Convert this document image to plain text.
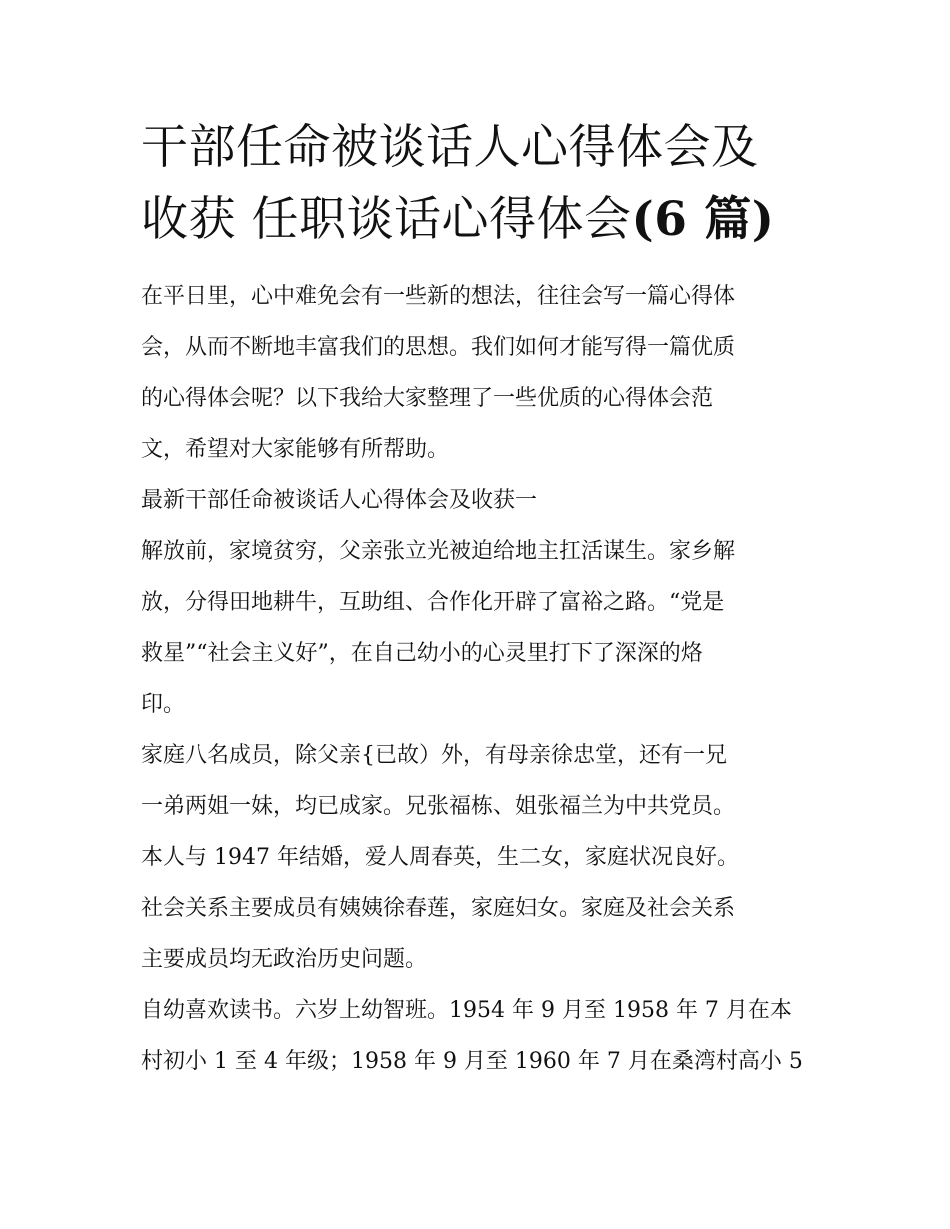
干部任命被谈话人心得体会及
收获 任职谈话心得体会(6 篇)

在平日里，心中难免会有一些新的想法，往往会写一篇心得体
会，从而不断地丰富我们的思想。我们如何才能写得一篇优质
的心得体会呢？以下我给大家整理了一些优质的心得体会范
文，希望对大家能够有所帮助。

最新干部任命被谈话人心得体会及收获一

解放前，家境贫穷，父亲张立光被迫给地主扛活谋生。家乡解
放，分得田地耕牛，互助组、合作化开辟了富裕之路。“党是
救星”“社会主义好”，在自己幼小的心灵里打下了深深的烙
印。

家庭八名成员，除父亲{已故）外，有母亲徐忠堂，还有一兄
一弟两姐一妹，均已成家。兄张福栋、姐张福兰为中共党员。
本人与 1947 年结婚，爱人周春英，生二女，家庭状况良好。
社会关系主要成员有姨姨徐春莲，家庭妇女。家庭及社会关系
主要成员均无政治历史问题。

自幼喜欢读书。六岁上幼智班。1954 年 9 月至 1958 年 7 月在本
村初小 1 至 4 年级；1958 年 9 月至 1960 年 7 月在桑湾村高小 5
